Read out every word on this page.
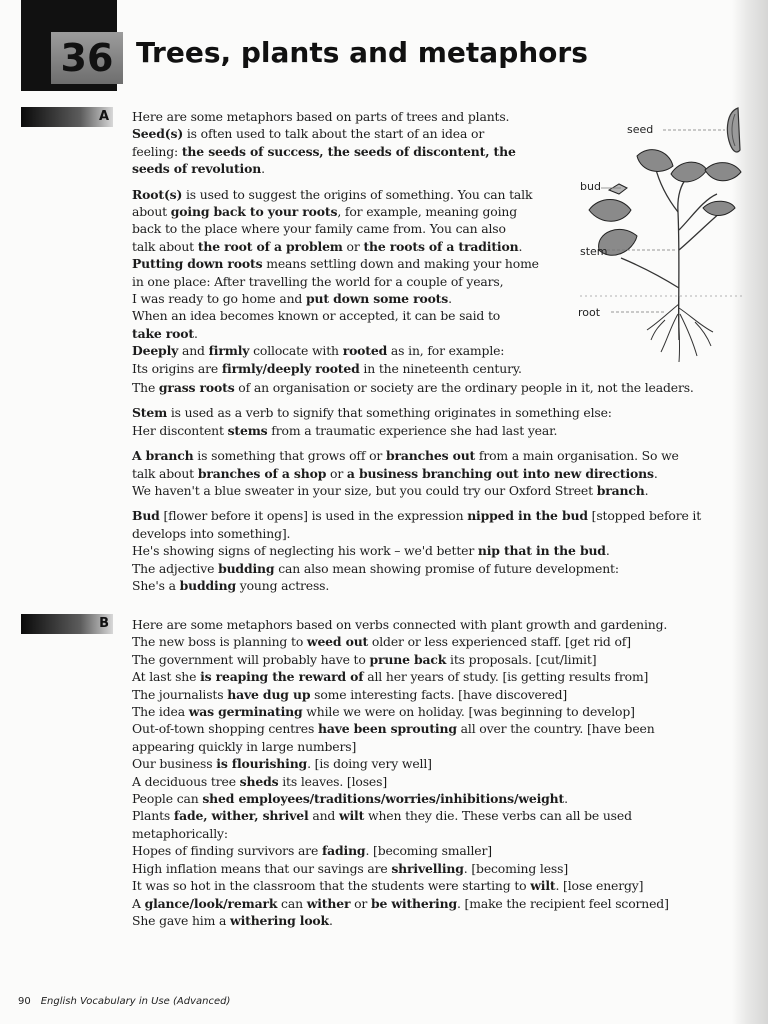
36 Trees, plants and metaphors
A
B

Here are some metaphors based on parts of trees and plants.

Seed(s) is often used to talk about the start of an idea or

feeling: the seeds of success, the seeds of discontent, the

seeds of revolution.

Root(s) is used to suggest the origins of something. You can talk

about going back to your roots, for example, meaning going

back to the place where your family came from. You can also

talk about the root of a problem or the roots of a tradition.

Putting down roots means settling down and making your home

in one place: After travelling the world for a couple of years,

I was ready to go home and put down some roots.

When an idea becomes known or accepted, it can be said to

take root.

Deeply and firmly collocate with rooted as in, for example:

Its origins are firmly/deeply rooted in the nineteenth century.

The grass roots of an organisation or society are the ordinary people in it, not the leaders.

Stem is used as a verb to signify that something originates in something else:

Her discontent stems from a traumatic experience she had last year.

A branch is something that grows off or branches out from a main organisation. So we

talk about branches of a shop or a business branching out into new directions.

We haven't a blue sweater in your size, but you could try our Oxford Street branch.

Bud [flower before it opens] is used in the expression nipped in the bud [stopped before it

develops into something].

He's showing signs of neglecting his work – we'd better nip that in the bud.

The adjective budding can also mean showing promise of future development:

She's a budding young actress.

seed
bud
stem
root

Here are some metaphors based on verbs connected with plant growth and gardening.

The new boss is planning to weed out older or less experienced staff. [get rid of]

The government will probably have to prune back its proposals. [cut/limit]

At last she is reaping the reward of all her years of study. [is getting results from]

The journalists have dug up some interesting facts. [have discovered]

The idea was germinating while we were on holiday. [was beginning to develop]

Out-of-town shopping centres have been sprouting all over the country. [have been

appearing quickly in large numbers]

Our business is flourishing. [is doing very well]

A deciduous tree sheds its leaves. [loses]

People can shed employees/traditions/worries/inhibitions/weight.

Plants fade, wither, shrivel and wilt when they die. These verbs can all be used

metaphorically:

Hopes of finding survivors are fading. [becoming smaller]

High inflation means that our savings are shrivelling. [becoming less]

It was so hot in the classroom that the students were starting to wilt. [lose energy]

A glance/look/remark can wither or be withering. [make the recipient feel scorned]

She gave him a withering look.

90 English Vocabulary in Use (Advanced)
